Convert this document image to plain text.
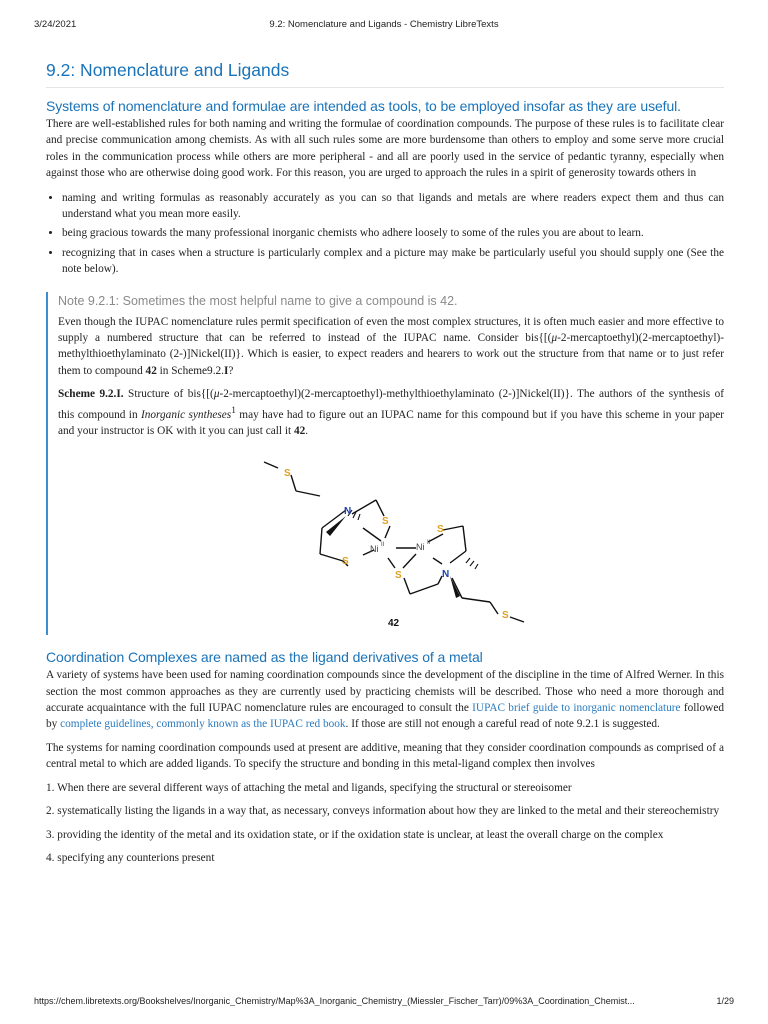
3/24/2021	9.2: Nomenclature and Ligands - Chemistry LibreTexts
9.2: Nomenclature and Ligands
Systems of nomenclature and formulae are intended as tools, to be employed insofar as they are useful.

There are well-established rules for both naming and writing the formulae of coordination compounds. The purpose of these rules is to facilitate clear and precise communication among chemists. As with all such rules some are more burdensome than others to employ and some serve more crucial roles in the communication process while others are more peripheral - and all are poorly used in the service of pedantic tyranny, especially when against those who are otherwise doing good work. For this reason, you are urged to approach the rules in a spirit of generosity towards others in

• naming and writing formulas as reasonably accurately as you can so that ligands and metals are where readers expect them and thus can understand what you mean more easily.
• being gracious towards the many professional inorganic chemists who adhere loosely to some of the rules you are about to learn.
• recognizing that in cases when a structure is particularly complex and a picture may make be particularly useful you should supply one (See the note below).
Note 9.2.1: Sometimes the most helpful name to give a compound is 42.

Even though the IUPAC nomenclature rules permit specification of even the most complex structures, it is often much easier and more effective to supply a numbered structure that can be referred to instead of the IUPAC name. Consider bis{[(μ-2-mercaptoethyl)(2-mercaptoethyl)-methylthioethylaminato (2-)]Nickel(II)}. Which is easier, to expect readers and hearers to work out the structure from that name or to just refer them to compound 42 in Scheme9.2.I?

Scheme 9.2.I. Structure of bis{[(μ-2-mercaptoethyl)(2-mercaptoethyl)-methylthioethylaminato (2-)]Nickel(II)}. The authors of the synthesis of this compound in Inorganic syntheses$^1$ may have had to figure out an IUPAC name for this compound but if you have this scheme in your paper and your instructor is OK with it you can just call it 42.

S
S
S
S
S
S
N
N
Ni II	Ni II
42
Coordination Complexes are named as the ligand derivatives of a metal

A variety of systems have been used for naming coordination compounds since the development of the discipline in the time of Alfred Werner. In this section the most common approaches as they are currently used by practicing chemists will be described. Those who need a more thorough and accurate acquaintance with the full IUPAC nomenclature rules are encouraged to consult the IUPAC brief guide to inorganic nomenclature followed by complete guidelines, commonly known as the IUPAC red book. If those are still not enough a careful read of note 9.2.1 is suggested.

The systems for naming coordination compounds used at present are additive, meaning that they consider coordination compounds as comprised of a central metal to which are added ligands. To specify the structure and bonding in this metal-ligand complex then involves

1. When there are several different ways of attaching the metal and ligands, specifying the structural or stereoisomer
2. systematically listing the ligands in a way that, as necessary, conveys information about how they are linked to the metal and their stereochemistry
3. providing the identity of the metal and its oxidation state, or if the oxidation state is unclear, at least the overall charge on the complex
4. specifying any counterions present
https://chem.libretexts.org/Bookshelves/Inorganic_Chemistry/Map%3A_Inorganic_Chemistry_(Miessler_Fischer_Tarr)/09%3A_Coordination_Chemist...	1/29
